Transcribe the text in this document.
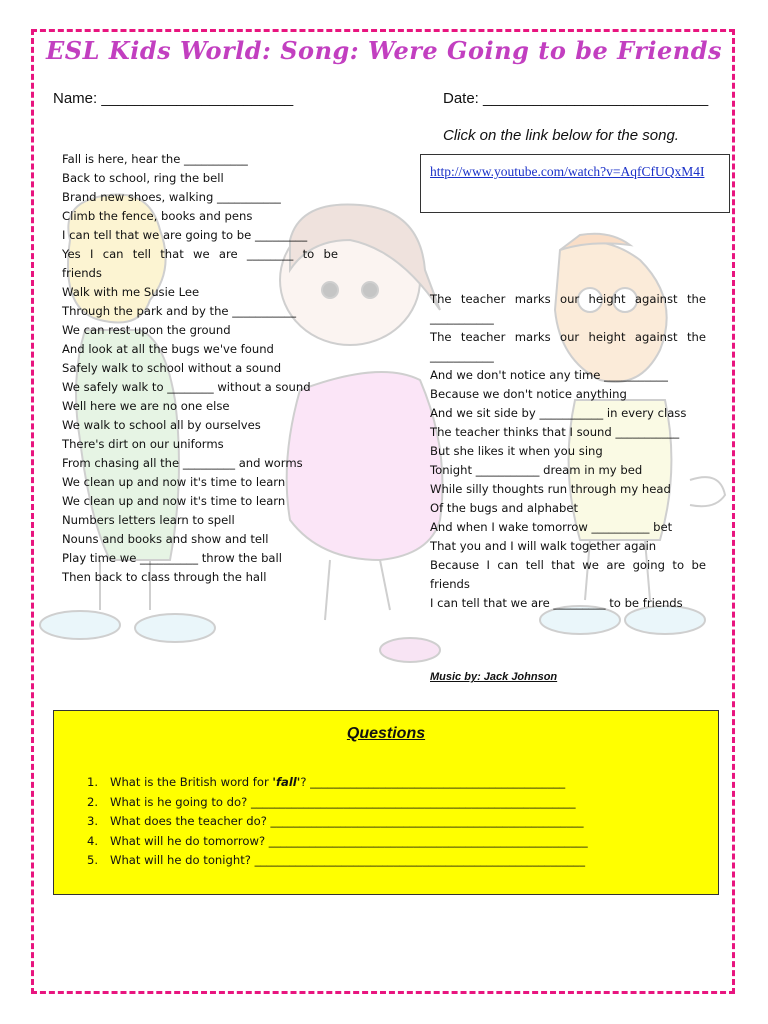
ESL Kids World: Song: Were Going to be Friends
Name: _______________________	Date: ___________________________
Click on the link below for the song.
http://www.youtube.com/watch?v=AqfCfUQxM4I
Fall is here, hear the ___________
Back to school, ring the bell
Brand new shoes, walking ___________
Climb the fence, books and pens
I can tell that we are going to be _________
Yes I can tell that we are ________ to be
friends
Walk with me Susie Lee
Through the park and by the ___________
We can rest upon the ground
And look at all the bugs we've found
Safely walk to school without a sound
We safely walk to ________ without a sound
Well here we are no one else
We walk to school all by ourselves
There's dirt on our uniforms
From chasing all the _________ and worms
We clean up and now it's time to learn
We clean up and now it's time to learn
Numbers letters learn to spell
Nouns and books and show and tell
Play time we __________ throw the ball
Then back to class through the hall
The teacher marks our height against the
___________
The teacher marks our height against the
___________
And we don't notice any time ___________
Because we don't notice anything
And we sit side by ___________ in every class
The teacher thinks that I sound ___________
But she likes it when you sing
Tonight ___________ dream in my bed
While silly thoughts run through my head
Of the bugs and alphabet
And when I wake tomorrow __________ bet
That you and I will walk together again
Because I can tell that we are going to be
friends
I can tell that we are _________ to be friends
Music by: Jack Johnson
Questions
1. What is the British word for 'fall'? ____________________________________________
2. What is he going to do? ________________________________________________________
3. What does the teacher do? ______________________________________________________
4. What will he do tomorrow? _______________________________________________________
5. What will he do tonight? _________________________________________________________
